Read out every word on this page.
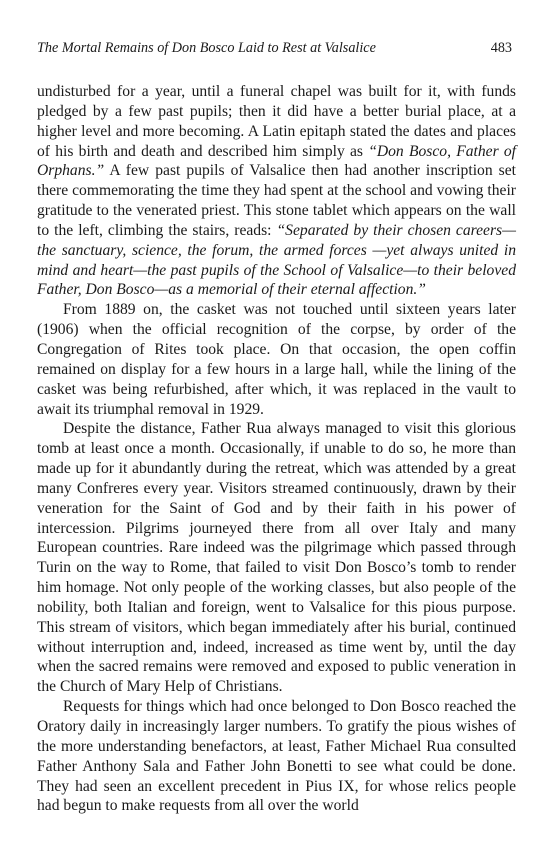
The Mortal Remains of Don Bosco Laid to Rest at Valsalice	483

undisturbed for a year, until a funeral chapel was built for it, with funds pledged by a few past pupils; then it did have a better burial place, at a higher level and more becoming. A Latin epitaph stated the dates and places of his birth and death and described him simply as “Don Bosco, Father of Orphans.” A few past pupils of Valsalice then had another inscription set there commemorating the time they had spent at the school and vowing their gratitude to the venerated priest. This stone tablet which appears on the wall to the left, climbing the stairs, reads: “Separated by their chosen careers—the sanctuary, science, the forum, the armed forces —yet always united in mind and heart—the past pupils of the School of Valsalice—to their beloved Father, Don Bosco—as a memorial of their eternal affection.”

From 1889 on, the casket was not touched until sixteen years later (1906) when the official recognition of the corpse, by order of the Congregation of Rites took place. On that occasion, the open coffin remained on display for a few hours in a large hall, while the lining of the casket was being refurbished, after which, it was replaced in the vault to await its triumphal removal in 1929.

Despite the distance, Father Rua always managed to visit this glorious tomb at least once a month. Occasionally, if unable to do so, he more than made up for it abundantly during the retreat, which was attended by a great many Confreres every year. Visitors streamed continuously, drawn by their veneration for the Saint of God and by their faith in his power of intercession. Pilgrims journeyed there from all over Italy and many European countries. Rare indeed was the pilgrimage which passed through Turin on the way to Rome, that failed to visit Don Bosco’s tomb to render him homage. Not only people of the working classes, but also people of the nobility, both Italian and foreign, went to Valsalice for this pious purpose. This stream of visitors, which began immediately after his burial, continued without interruption and, indeed, increased as time went by, until the day when the sacred remains were removed and exposed to public veneration in the Church of Mary Help of Christians.

Requests for things which had once belonged to Don Bosco reached the Oratory daily in increasingly larger numbers. To gratify the pious wishes of the more understanding benefactors, at least, Father Michael Rua consulted Father Anthony Sala and Father John Bonetti to see what could be done. They had seen an excellent precedent in Pius IX, for whose relics people had begun to make requests from all over the world
